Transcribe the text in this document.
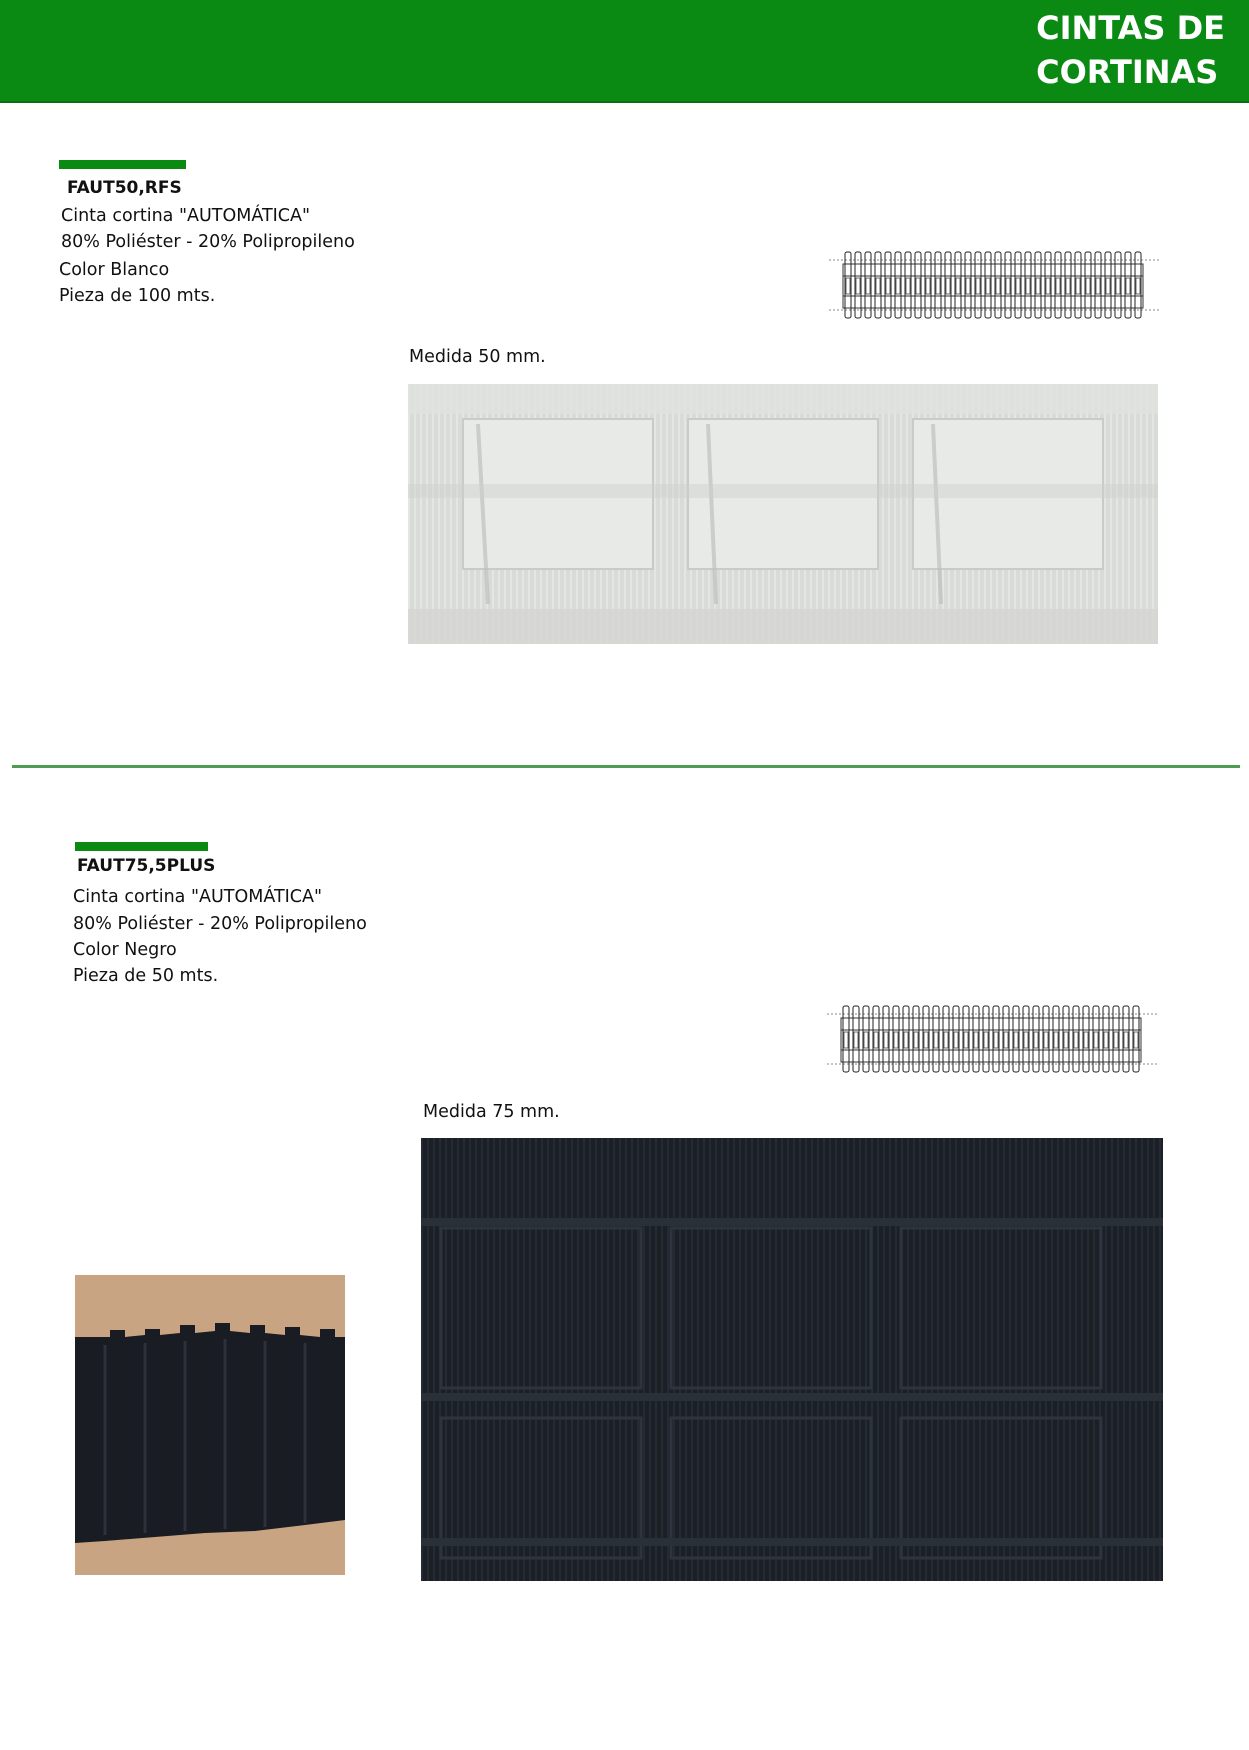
CINTAS DE
CORTINAS
FAUT50,RFS
Cinta cortina "AUTOMÁTICA"
80% Poliéster - 20% Polipropileno
Color Blanco
Pieza de 100 mts.
Medida 50 mm.
FAUT75,5PLUS
Cinta cortina "AUTOMÁTICA"
80% Poliéster - 20% Polipropileno
Color Negro
Pieza de 50 mts.
Medida 75 mm.
